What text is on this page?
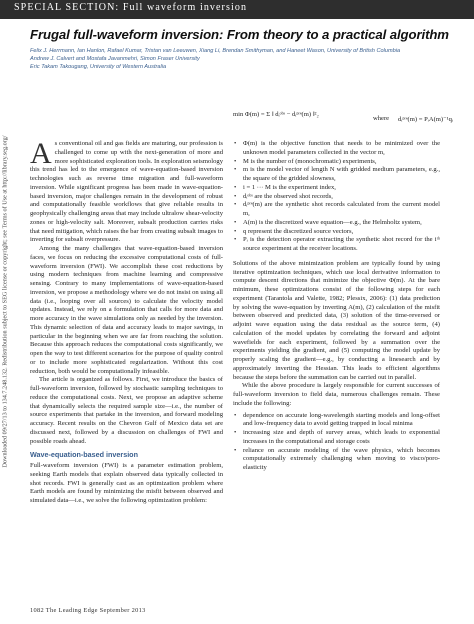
SPECIAL SECTION: Full waveform inversion
Downloaded 09/27/13 to 134.7.248.132. Redistribution subject to SEG license or copyright; see Terms of Use at http://library.seg.org/
Frugal full-waveform inversion: From theory to a practical algorithm
Felix J. Herrmann, Ian Hanlon, Rafael Kumar, Tristan van Leeuwen, Xiang Li, Brendan Smithyman, and Haneet Wason, University of British Columbia
Andrew J. Calvert and Mostafa Javanmehri, Simon Fraser University
Eric Takam Takougang, University of Western Australia

As conventional oil and gas fields are maturing, our profession is challenged to come up with the next-generation of more and more sophisticated exploration tools. In exploration seismology this trend has led to the emergence of wave-equation-based inversion technologies such as reverse time migration and full-waveform inversion. While significant progress has been made in wave-equation-based inversion, major challenges remain in the development of robust and computationally feasible workflows that give reliable results in geophysically challenging areas that may include ultralow shear-velocity zones or high-velocity salt. Moreover, subsalt production carries risks that need mitigation, which raises the bar from creating subsalt images to inverting for subsalt overpressure.

Among the many challenges that wave-equation-based inversion faces, we focus on reducing the excessive computational costs of full-waveform inversion (FWI). We accomplish these cost reductions by using modern techniques from machine learning and compressive sensing. Contrary to many implementations of wave-equation-based inversion, we propose a methodology where we do not insist on using all data (i.e., looping over all sources) to calculate the velocity model updates. Instead, we rely on a formulation that calls for more data and more accuracy in the wave simulations only as needed by the inversion. This dynamic selection of data and accuracy leads to major savings, in particular in the beginning when we are far from reaching the solution. Because this approach reduces the computational costs significantly, we open the way to test different scenarios for the purpose of quality control or to include more sophisticated regularization. Without this cost reduction, both would be computationally infeasible.

The article is organized as follows. First, we introduce the basics of full-waveform inversion, followed by stochastic sampling techniques to reduce the computational costs. Next, we propose an adaptive scheme that dynamically selects the required sample size—i.e., the number of source experiments that partake in the inversion, and forward modeling accuracy. Recent results on the Chevron Gulf of Mexico data set are discussed next, followed by a discussion on challenges of FWI and possible roads ahead.

Wave-equation-based inversion

Full-waveform inversion (FWI) is a parameter estimation problem, seeking Earth models that explain observed data typically collected in shot records. FWI is generally cast as an optimization problem where Earth models are found by minimizing the misfit between observed and simulated data—i.e., we solve the following optimization problem:

min Φ(m) = Σ ‖ dᵢᵒᵇˢ − dᵢᵖʳᵉ(m) ‖²₂
where dᵢᵖʳᵉ(m) = PᵢA(m)⁻¹qᵢ
• Φ(m) is the objective function that needs to be minimized over the unknown model parameters collected in the vector m,
• M is the number of (monochromatic) experiments,
• m is the model vector of length N with gridded medium parameters, e.g., the square of the gridded slowness,
• i = 1 ··· M is the experiment index,
• dᵢᵒᵇˢ are the observed shot records,
• dᵢᵖʳᵉ(m) are the synthetic shot records calculated from the current model m,
• A(m) is the discretized wave equation—e.g., the Helmholtz system,
• q represent the discretized source vectors,
• Pᵢ is the detection operator extracting the synthetic shot record for the iᵗʰ source experiment at the receiver locations.

Solutions of the above minimization problem are typically found by using iterative optimization techniques, which use local derivative information to compute descent directions that minimize the objective Φ(m). At the bare minimum, these optimizations consist of the following steps for each experiment (Tarantola and Valette, 1982; Plessix, 2006): (1) data prediction by solving the wave-equation by inverting A(m), (2) calculation of the misfit between observed and predicted data, (3) solution of the time-reversed or adjoint wave equation using the data residual as the source term, (4) calculation of the model updates by correlating the forward and adjoint wavefields for each experiment, followed by a summation over the experiments yielding the gradient, and (5) computing the model update by properly scaling the gradient—e.g., by conducting a linesearch and by approximately inverting the Hessian. This leads to efficient algorithms because the steps before the summation can be carried out in parallel.

While the above procedure is largely responsible for current successes of full-waveform inversion to field data, numerous challenges remain. These include the following:

• dependence on accurate long-wavelength starting models and long-offset and low-frequency data to avoid getting trapped in local minima
• increasing size and depth of survey areas, which leads to exponential increases in the computational and storage costs
• reliance on accurate modeling of the wave physics, which becomes computationally extremely challenging when moving to visco/poro-elasticity
1082 The Leading Edge September 2013
